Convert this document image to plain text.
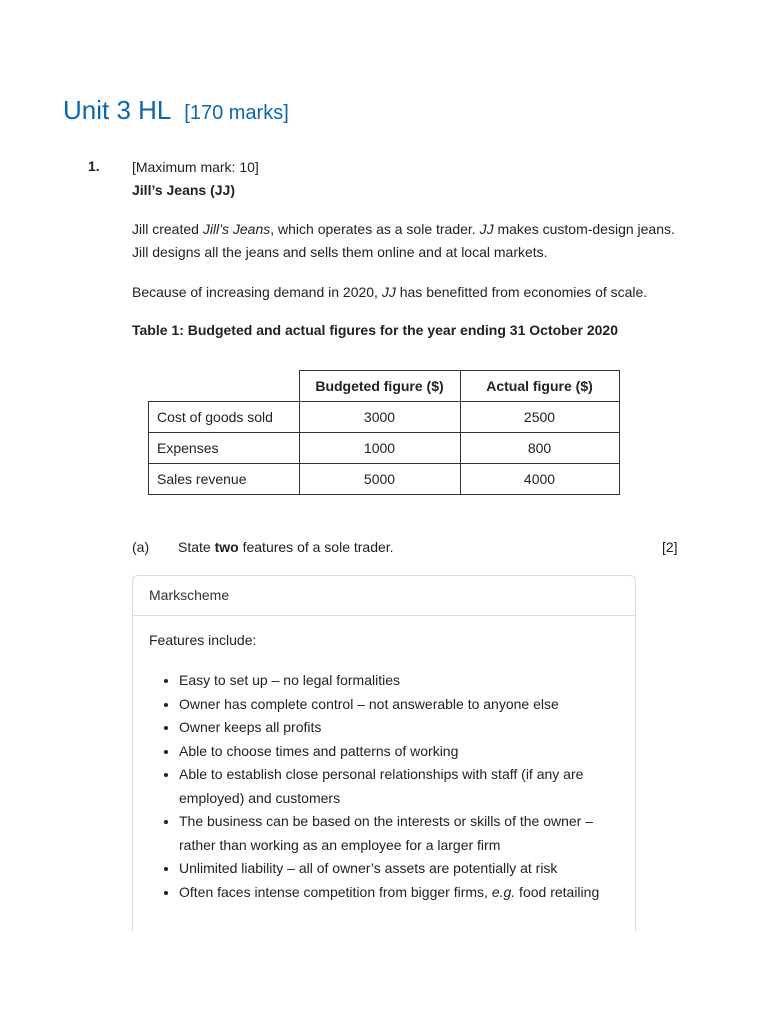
Unit 3 HL [170 marks]
1. [Maximum mark: 10]
Jill’s Jeans (JJ)
Jill created Jill’s Jeans, which operates as a sole trader. JJ makes custom-design jeans.
Jill designs all the jeans and sells them online and at local markets.
Because of increasing demand in 2020, JJ has benefitted from economies of scale.
Table 1: Budgeted and actual figures for the year ending 31 October 2020
	Budgeted figure ($)	Actual figure ($)
Cost of goods sold	3000	2500
Expenses	1000	800
Sales revenue	5000	4000
(a) State two features of a sole trader.	[2]
Markscheme
Features include:
• Easy to set up – no legal formalities
• Owner has complete control – not answerable to anyone else
• Owner keeps all profits
• Able to choose times and patterns of working
• Able to establish close personal relationships with staff (if any are employed) and customers
• The business can be based on the interests or skills of the owner – rather than working as an employee for a larger firm
• Unlimited liability – all of owner’s assets are potentially at risk
• Often faces intense competition from bigger firms, e.g. food retailing
